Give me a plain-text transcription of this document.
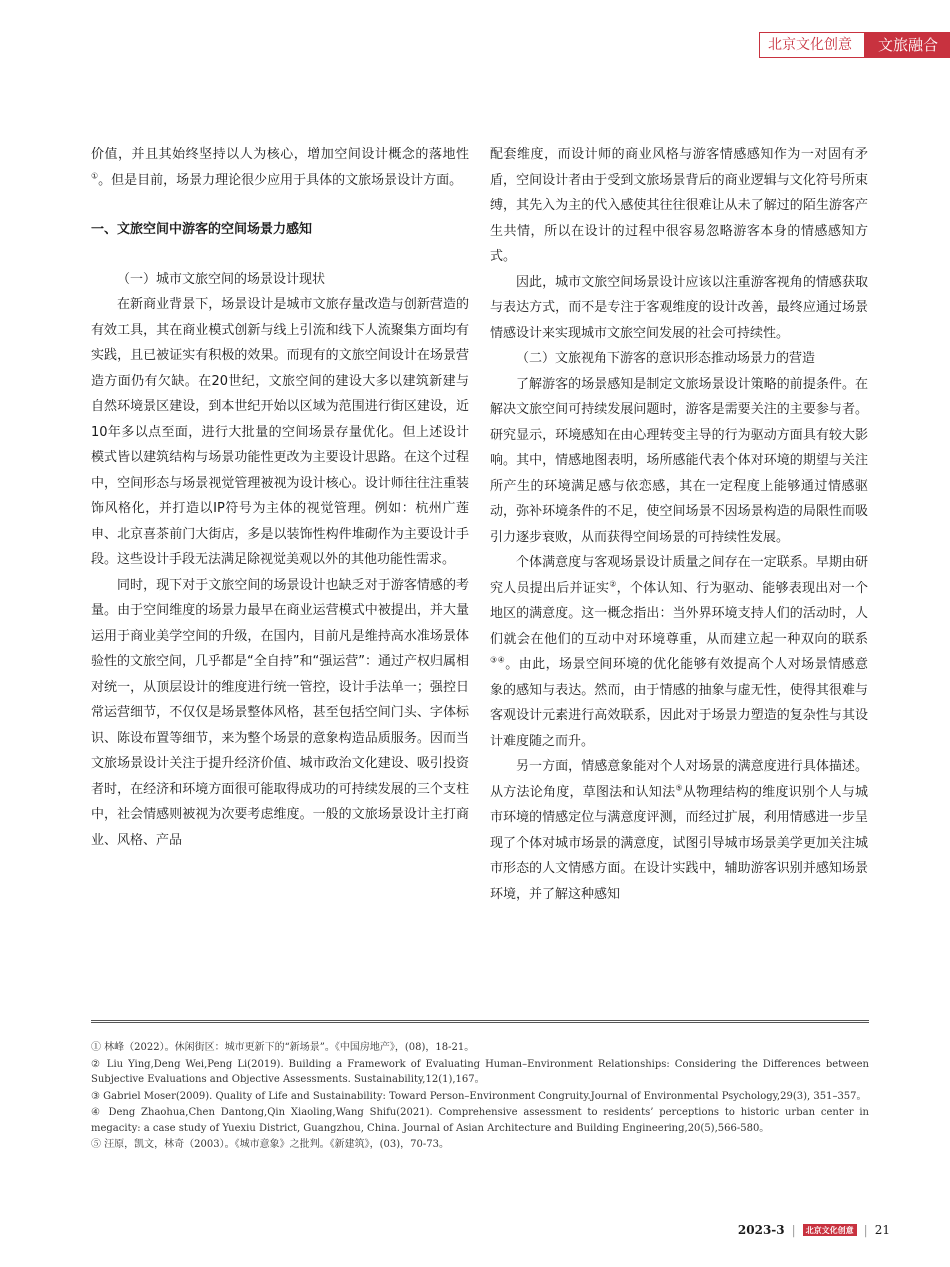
北京文化创意	文旅融合

价值，并且其始终坚持以人为核心，增加空间设计概念的落地性①。但是目前，场景力理论很少应用于具体的文旅场景设计方面。

一、文旅空间中游客的空间场景力感知
（一）城市文旅空间的场景设计现状

在新商业背景下，场景设计是城市文旅存量改造与创新营造的有效工具，其在商业模式创新与线上引流和线下人流聚集方面均有实践，且已被证实有积极的效果。而现有的文旅空间设计在场景营造方面仍有欠缺。在20世纪，文旅空间的建设大多以建筑新建与自然环境景区建设，到本世纪开始以区域为范围进行街区建设，近10年多以点至面，进行大批量的空间场景存量优化。但上述设计模式皆以建筑结构与场景功能性更改为主要设计思路。在这个过程中，空间形态与场景视觉管理被视为设计核心。设计师往往注重装饰风格化，并打造以IP符号为主体的视觉管理。例如：杭州广莲申、北京喜茶前门大街店，多是以装饰性构件堆砌作为主要设计手段。这些设计手段无法满足除视觉美观以外的其他功能性需求。

同时，现下对于文旅空间的场景设计也缺乏对于游客情感的考量。由于空间维度的场景力最早在商业运营模式中被提出，并大量运用于商业美学空间的升级，在国内，目前凡是维持高水准场景体验性的文旅空间，几乎都是“全自持”和“强运营”：通过产权归属相对统一，从顶层设计的维度进行统一管控，设计手法单一；强控日常运营细节，不仅仅是场景整体风格，甚至包括空间门头、字体标识、陈设布置等细节，来为整个场景的意象构造品质服务。因而当文旅场景设计关注于提升经济价值、城市政治文化建设、吸引投资者时，在经济和环境方面很可能取得成功的可持续发展的三个支柱中，社会情感则被视为次要考虑维度。一般的文旅场景设计主打商业、风格、产品

配套维度，而设计师的商业风格与游客情感感知作为一对固有矛盾，空间设计者由于受到文旅场景背后的商业逻辑与文化符号所束缚，其先入为主的代入感使其往往很难让从未了解过的陌生游客产生共情，所以在设计的过程中很容易忽略游客本身的情感感知方式。

因此，城市文旅空间场景设计应该以注重游客视角的情感获取与表达方式，而不是专注于客观维度的设计改善，最终应通过场景情感设计来实现城市文旅空间发展的社会可持续性。

（二）文旅视角下游客的意识形态推动场景力的营造

了解游客的场景感知是制定文旅场景设计策略的前提条件。在解决文旅空间可持续发展问题时，游客是需要关注的主要参与者。研究显示，环境感知在由心理转变主导的行为驱动方面具有较大影响。其中，情感地图表明，场所感能代表个体对环境的期望与关注所产生的环境满足感与依恋感，其在一定程度上能够通过情感驱动，弥补环境条件的不足，使空间场景不因场景构造的局限性而吸引力逐步衰败，从而获得空间场景的可持续性发展。

个体满意度与客观场景设计质量之间存在一定联系。早期由研究人员提出后并证实②，个体认知、行为驱动、能够表现出对一个地区的满意度。这一概念指出：当外界环境支持人们的活动时，人们就会在他们的互动中对环境尊重，从而建立起一种双向的联系③④。由此，场景空间环境的优化能够有效提高个人对场景情感意象的感知与表达。然而，由于情感的抽象与虚无性，使得其很难与客观设计元素进行高效联系，因此对于场景力塑造的复杂性与其设计难度随之而升。

另一方面，情感意象能对个人对场景的满意度进行具体描述。从方法论角度，草图法和认知法⑤从物理结构的维度识别个人与城市环境的情感定位与满意度评测，而经过扩展，利用情感进一步呈现了个体对城市场景的满意度，试图引导城市场景美学更加关注城市形态的人文情感方面。在设计实践中，辅助游客识别并感知场景环境，并了解这种感知

① 林峰（2022）。休闲街区：城市更新下的“新场景”。《中国房地产》，(08)，18-21。

② Liu Ying,Deng Wei,Peng Li(2019). Building a Framework of Evaluating Human–Environment Relationships: Considering the Differences between Subjective Evaluations and Objective Assessments. Sustainability,12(1),167。

③ Gabriel Moser(2009). Quality of Life and Sustainability: Toward Person–Environment Congruity.Journal of Environmental Psychology,29(3), 351–357。

④ Deng Zhaohua,Chen Dantong,Qin Xiaoling,Wang Shifu(2021). Comprehensive assessment to residents’ perceptions to historic urban center in megacity: a case study of Yuexiu District, Guangzhou, China. Journal of Asian Architecture and Building Engineering,20(5),566-580。

⑤ 汪原，凯文，林奇（2003）。《城市意象》之批判。《新建筑》，(03)，70-73。

2023-3 |	北京文化创意 | 21
